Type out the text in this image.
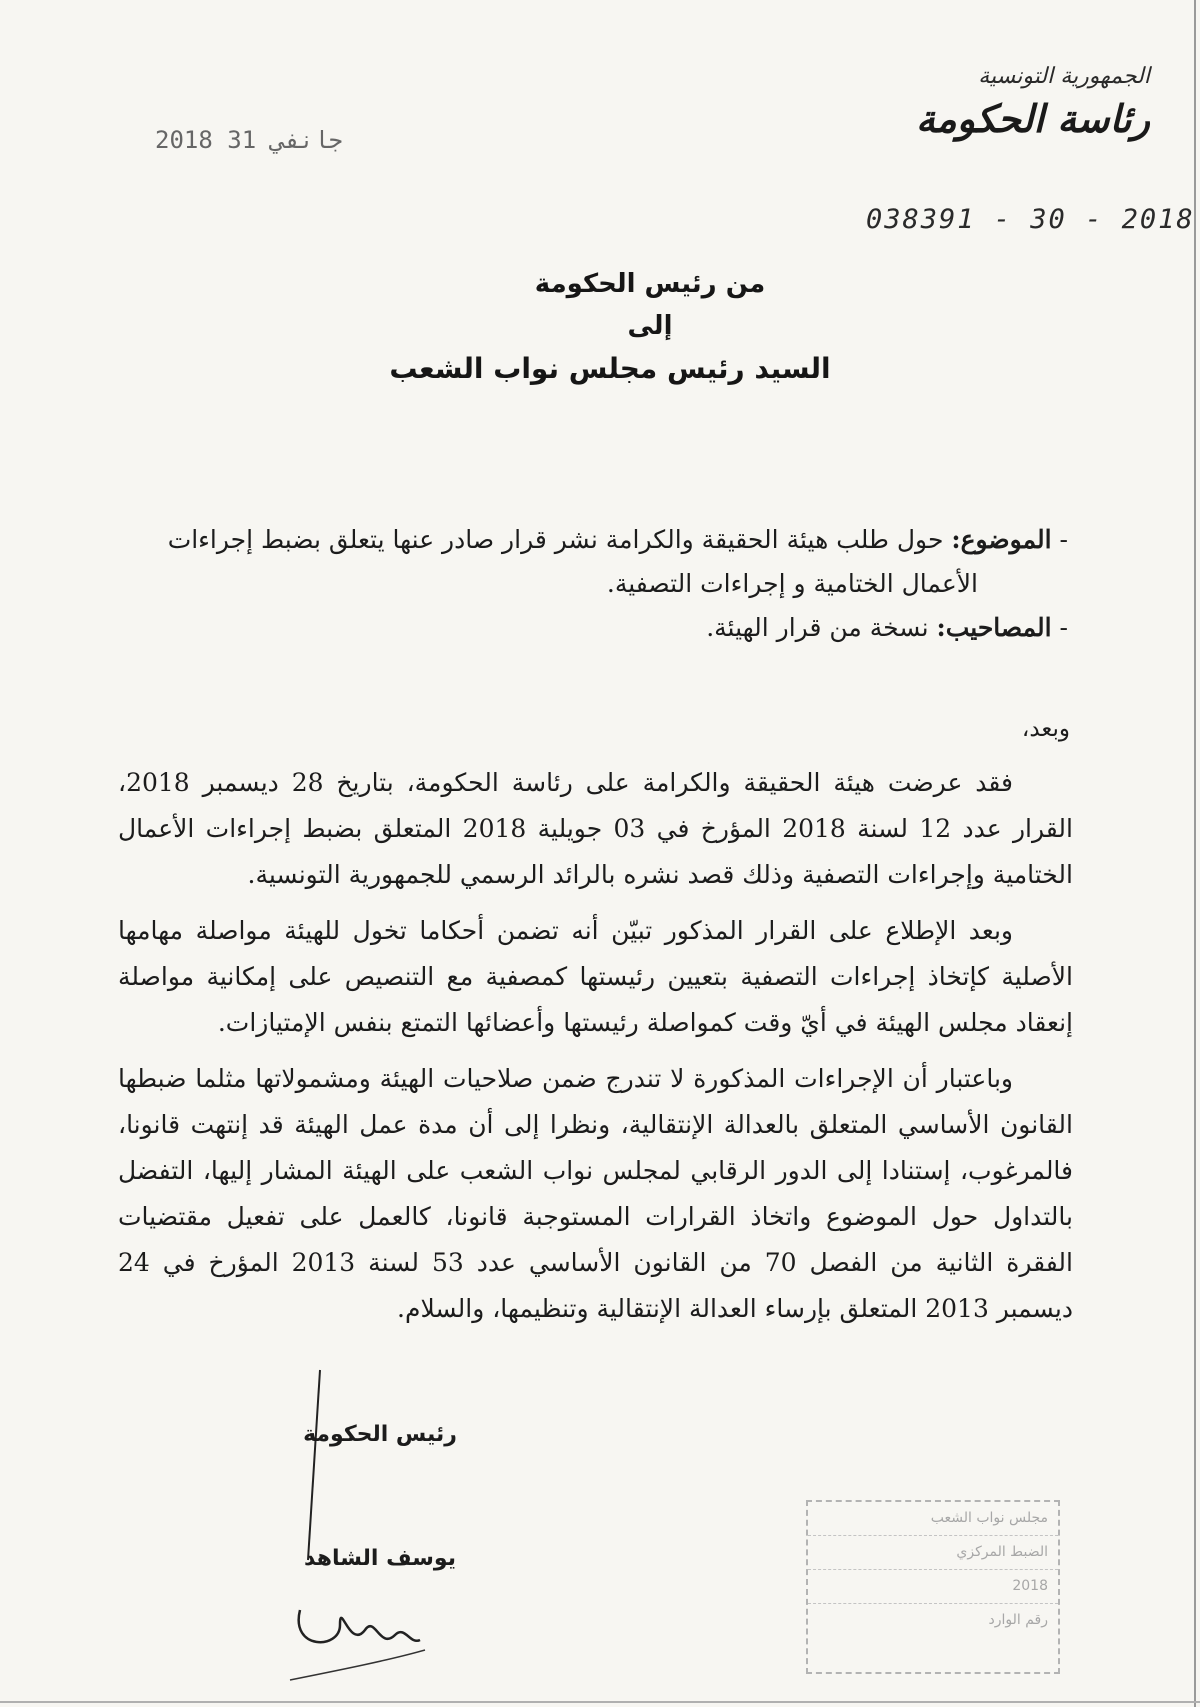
الجمهورية التونسية
رئاسة الحكومة
2018 جانفي 31
038391 - 30 - 2018
من رئيس الحكومة
إلى
السيد رئيس مجلس نواب الشعب

- الموضوع: حول طلب هيئة الحقيقة والكرامة نشر قرار صادر عنها يتعلق بضبط إجراءات

الأعمال الختامية و إجراءات التصفية.

- المصاحيب: نسخة من قرار الهيئة.

وبعد،

فقد عرضت هيئة الحقيقة والكرامة على رئاسة الحكومة، بتاريخ 28 ديسمبر 2018، القرار عدد 12 لسنة 2018 المؤرخ في 03 جويلية 2018 المتعلق بضبط إجراءات الأعمال الختامية وإجراءات التصفية وذلك قصد نشره بالرائد الرسمي للجمهورية التونسية.

وبعد الإطلاع على القرار المذكور تبيّن أنه تضمن أحكاما تخول للهيئة مواصلة مهامها الأصلية كإتخاذ إجراءات التصفية بتعيين رئيستها كمصفية مع التنصيص على إمكانية مواصلة إنعقاد مجلس الهيئة في أيّ وقت كمواصلة رئيستها وأعضائها التمتع بنفس الإمتيازات.

وباعتبار أن الإجراءات المذكورة لا تندرج ضمن صلاحيات الهيئة ومشمولاتها مثلما ضبطها القانون الأساسي المتعلق بالعدالة الإنتقالية، ونظرا إلى أن مدة عمل الهيئة قد إنتهت قانونا، فالمرغوب، إستنادا إلى الدور الرقابي لمجلس نواب الشعب على الهيئة المشار إليها، التفضل بالتداول حول الموضوع واتخاذ القرارات المستوجبة قانونا، كالعمل على تفعيل مقتضيات الفقرة الثانية من الفصل 70 من القانون الأساسي عدد 53 لسنة 2013 المؤرخ في 24 ديسمبر 2013 المتعلق بإرساء العدالة الإنتقالية وتنظيمها، والسلام.

رئيس الحكومة
يوسف الشاهد
مجلس نواب الشعب
الضبط المركزي
2018
رقم الوارد
